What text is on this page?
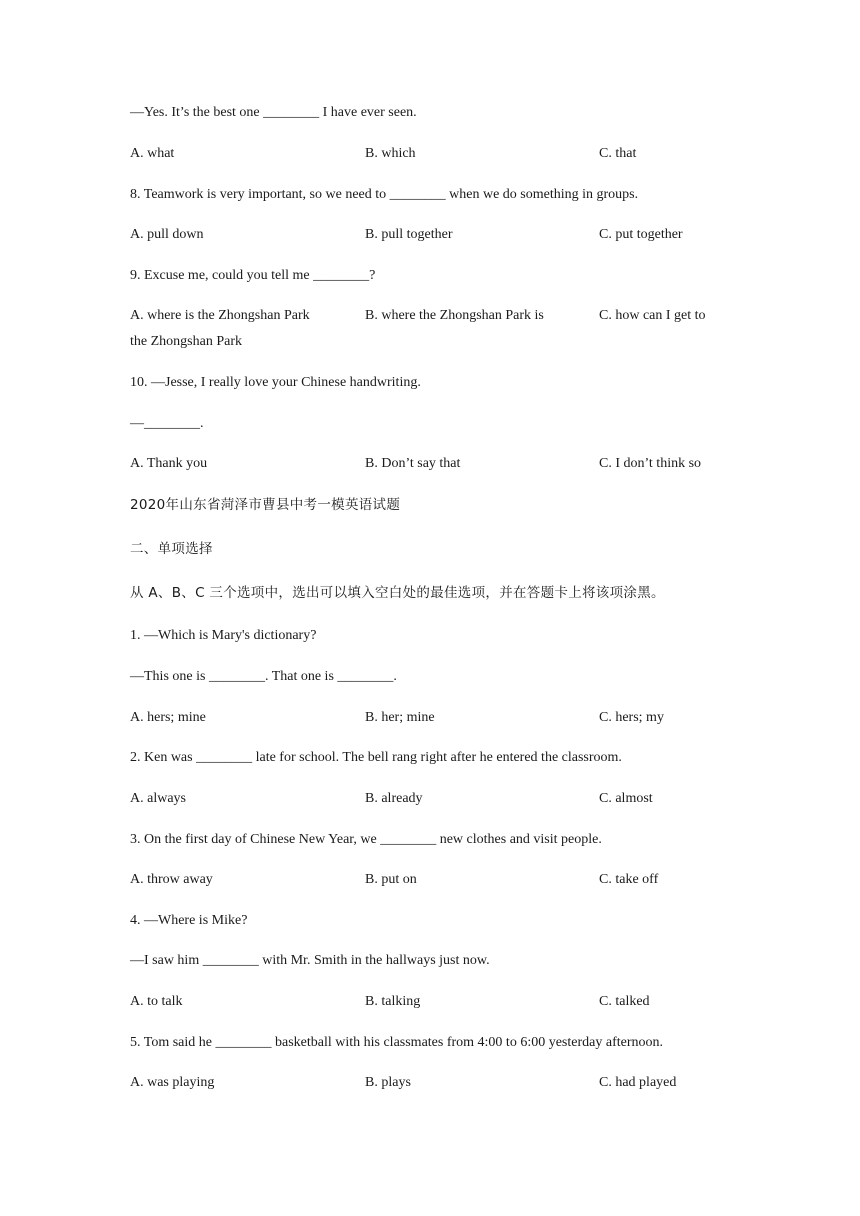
—Yes. It’s the best one ________ I have ever seen.
A. what	B. which	C. that
8. Teamwork is very important, so we need to ________ when we do something in groups.
A. pull down	B. pull together	C. put together
9. Excuse me, could you tell me ________?
A. where is the Zhongshan Park	B. where the Zhongshan Park is	C. how can I get to
the Zhongshan Park
10. —Jesse, I really love your Chinese handwriting.
—________.
A. Thank you	B. Don’t say that	C. I don’t think so
2020年山东省菏泽市曹县中考一模英语试题
二、单项选择
从 A、B、C 三个选项中，选出可以填入空白处的最佳选项，并在答题卡上将该项涂黑。
1. —Which is Mary's dictionary?
—This one is ________. That one is ________.
A. hers; mine	B. her; mine	C. hers; my
2. Ken was ________ late for school. The bell rang right after he entered the classroom.
A. always	B. already	C. almost
3. On the first day of Chinese New Year, we ________ new clothes and visit people.
A. throw away	B. put on	C. take off
4. —Where is Mike?
—I saw him ________ with Mr. Smith in the hallways just now.
A. to talk	B. talking	C. talked
5. Tom said he ________ basketball with his classmates from 4:00 to 6:00 yesterday afternoon.
A. was playing	B. plays	C. had played
